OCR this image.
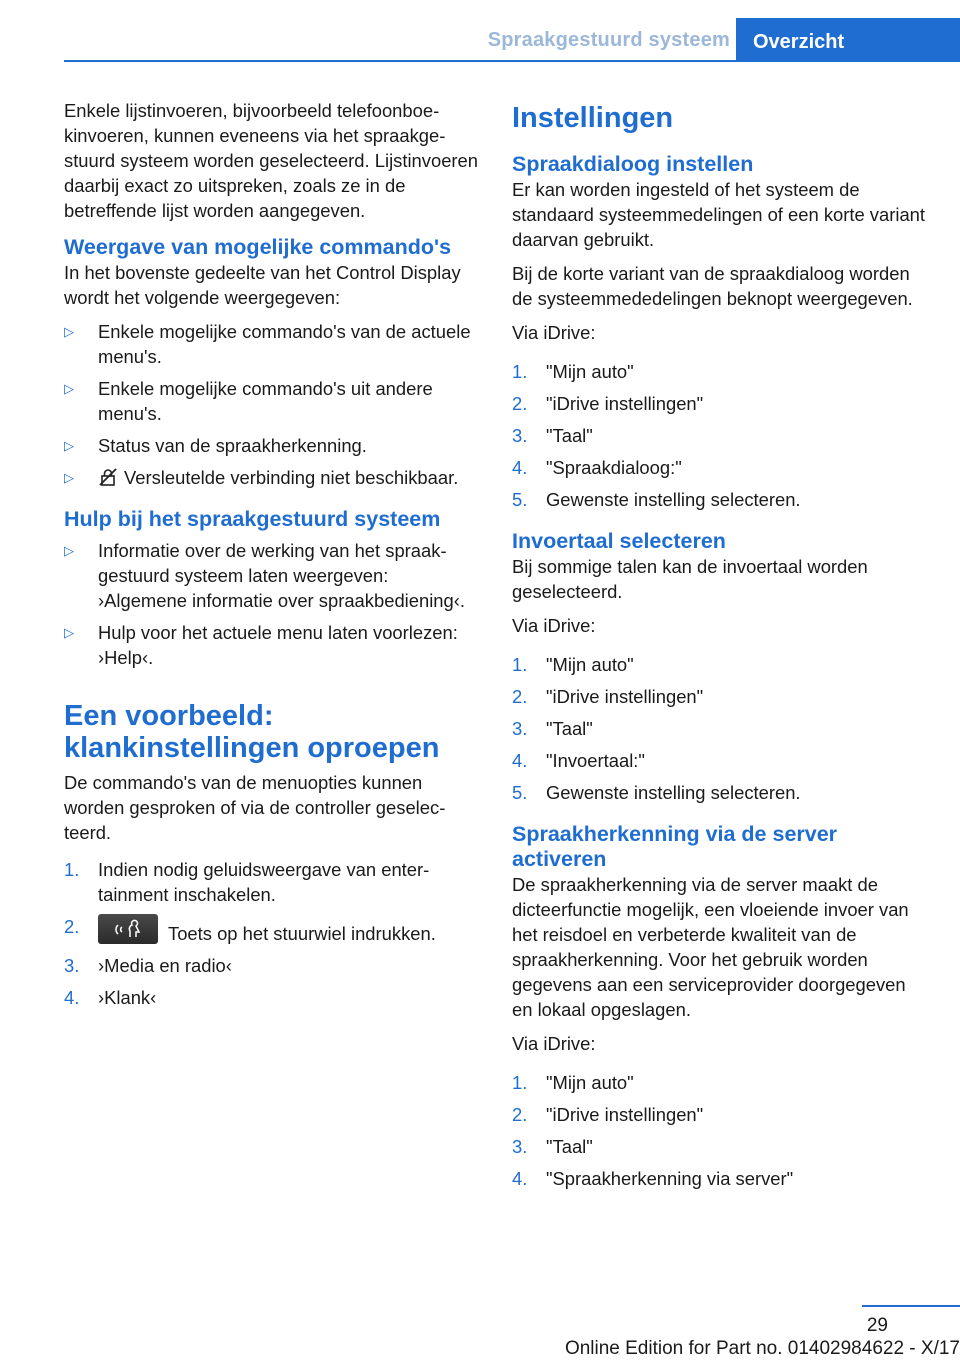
Spraakgestuurd systeem	Overzicht

Enkele lijstinvoeren, bijvoorbeeld telefoonboekinvoeren, kunnen eveneens via het spraakgestuurd systeem worden geselecteerd. Lijstinvoeren daarbij exact zo uitspreken, zoals ze in de betreffende lijst worden aangegeven.

Weergave van mogelijke commando's

In het bovenste gedeelte van het Control Display wordt het volgende weergegeven:

▷ Enkele mogelijke commando's van de actuele menu's.
▷ Enkele mogelijke commando's uit andere menu's.
▷ Status van de spraakherkenning.
▷ Versleutelde verbinding niet beschikbaar.
Hulp bij het spraakgestuurd systeem
▷ Informatie over de werking van het spraakgestuurd systeem laten weergeven: ›Algemene informatie over spraakbediening‹.
▷ Hulp voor het actuele menu laten voorlezen: ›Help‹.
Een voorbeeld: klankinstellingen oproepen

De commando's van de menuopties kunnen worden gesproken of via de controller geselecteerd.

1. Indien nodig geluidsweergave van entertainment inschakelen.
2.	Toets op het stuurwiel indrukken.
3. ›Media en radio‹
4. ›Klank‹
Instellingen
Spraakdialoog instellen

Er kan worden ingesteld of het systeem de standaard systeemmedelingen of een korte variant daarvan gebruikt.

Bij de korte variant van de spraakdialoog worden de systeemmededelingen beknopt weergegeven.

Via iDrive:

1. "Mijn auto"
2. "iDrive instellingen"
3. "Taal"
4. "Spraakdialoog:"
5. Gewenste instelling selecteren.
Invoertaal selecteren

Bij sommige talen kan de invoertaal worden geselecteerd.

Via iDrive:

1. "Mijn auto"
2. "iDrive instellingen"
3. "Taal"
4. "Invoertaal:"
5. Gewenste instelling selecteren.
Spraakherkenning via de server activeren

De spraakherkenning via de server maakt de dicteerfunctie mogelijk, een vloeiende invoer van het reisdoel en verbeterde kwaliteit van de spraakherkenning. Voor het gebruik worden gegevens aan een serviceprovider doorgegeven en lokaal opgeslagen.

Via iDrive:

1. "Mijn auto"
2. "iDrive instellingen"
3. "Taal"
4. "Spraakherkenning via server"
29
Online Edition for Part no. 01402984622 - X/17
